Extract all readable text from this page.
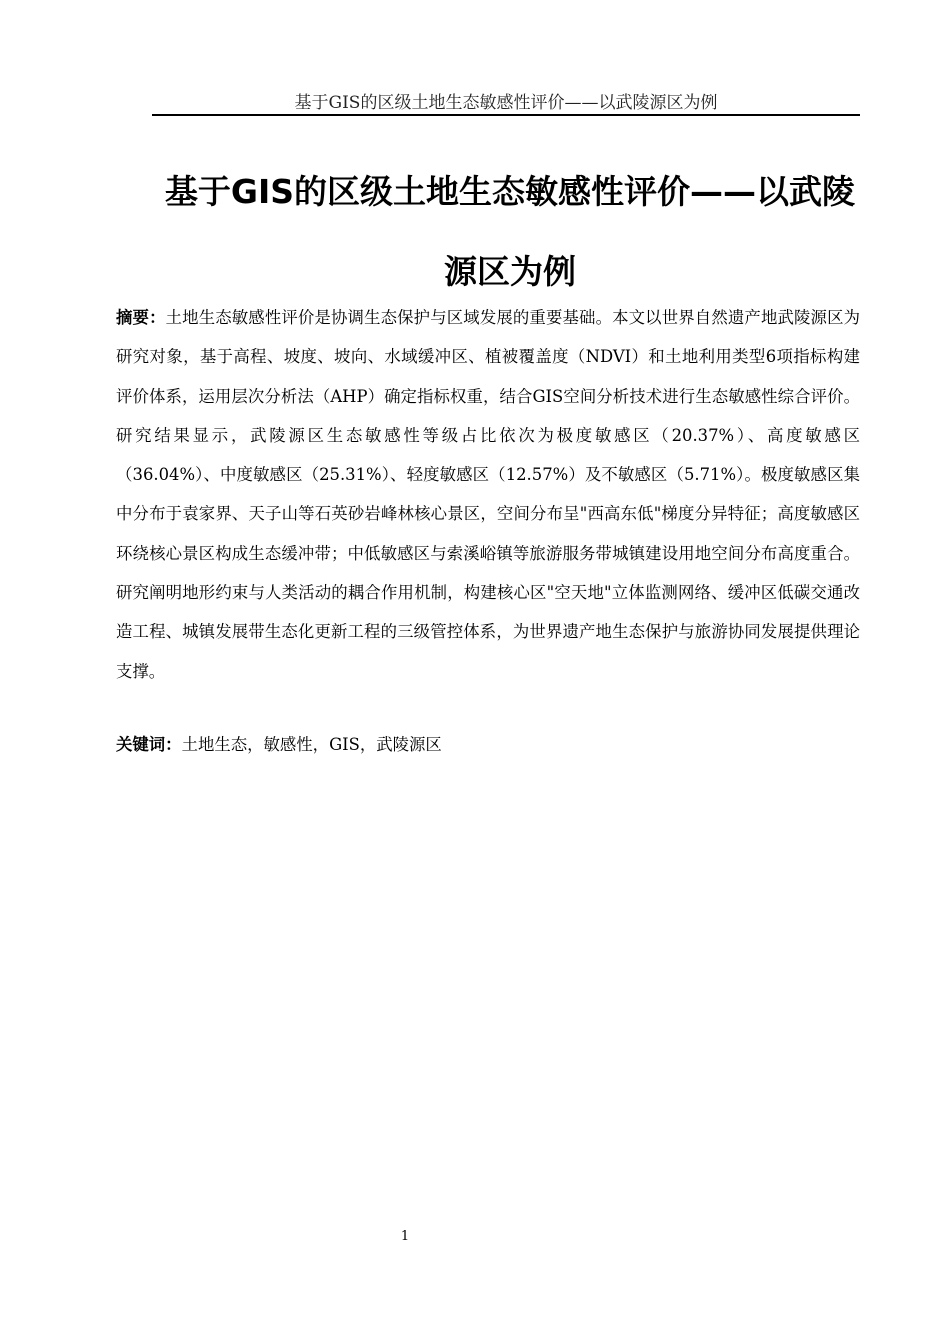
基于GIS的区级土地生态敏感性评价——以武陵源区为例
基于GIS的区级土地生态敏感性评价——以武陵源区为例

摘要：土地生态敏感性评价是协调生态保护与区域发展的重要基础。本文以世界自然遗产地武陵源区为研究对象，基于高程、坡度、坡向、水域缓冲区、植被覆盖度（NDVI）和土地利用类型6项指标构建评价体系，运用层次分析法（AHP）确定指标权重，结合GIS空间分析技术进行生态敏感性综合评价。研究结果显示，武陵源区生态敏感性等级占比依次为极度敏感区（20.37%）、高度敏感区（36.04%）、中度敏感区（25.31%）、轻度敏感区（12.57%）及不敏感区（5.71%）。极度敏感区集中分布于袁家界、天子山等石英砂岩峰林核心景区，空间分布呈"西高东低"梯度分异特征；高度敏感区环绕核心景区构成生态缓冲带；中低敏感区与索溪峪镇等旅游服务带城镇建设用地空间分布高度重合。研究阐明地形约束与人类活动的耦合作用机制，构建核心区"空天地"立体监测网络、缓冲区低碳交通改造工程、城镇发展带生态化更新工程的三级管控体系，为世界遗产地生态保护与旅游协同发展提供理论支撑。

关键词：土地生态，敏感性，GIS，武陵源区

1
